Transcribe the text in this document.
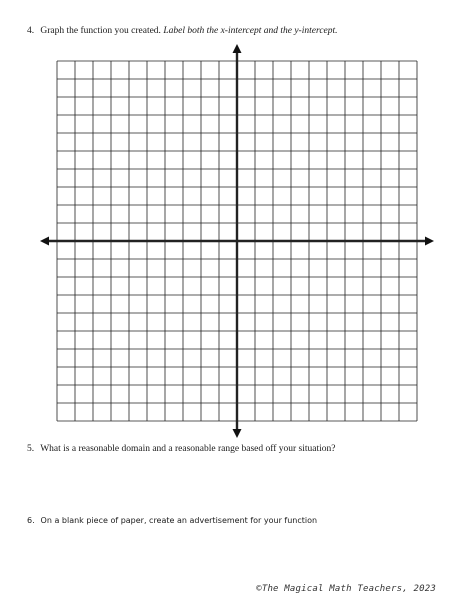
4. Graph the function you created. Label both the x-intercept and the y-intercept.
5. What is a reasonable domain and a reasonable range based off your situation?
6. On a blank piece of paper, create an advertisement for your function
©The Magical Math Teachers, 2023
